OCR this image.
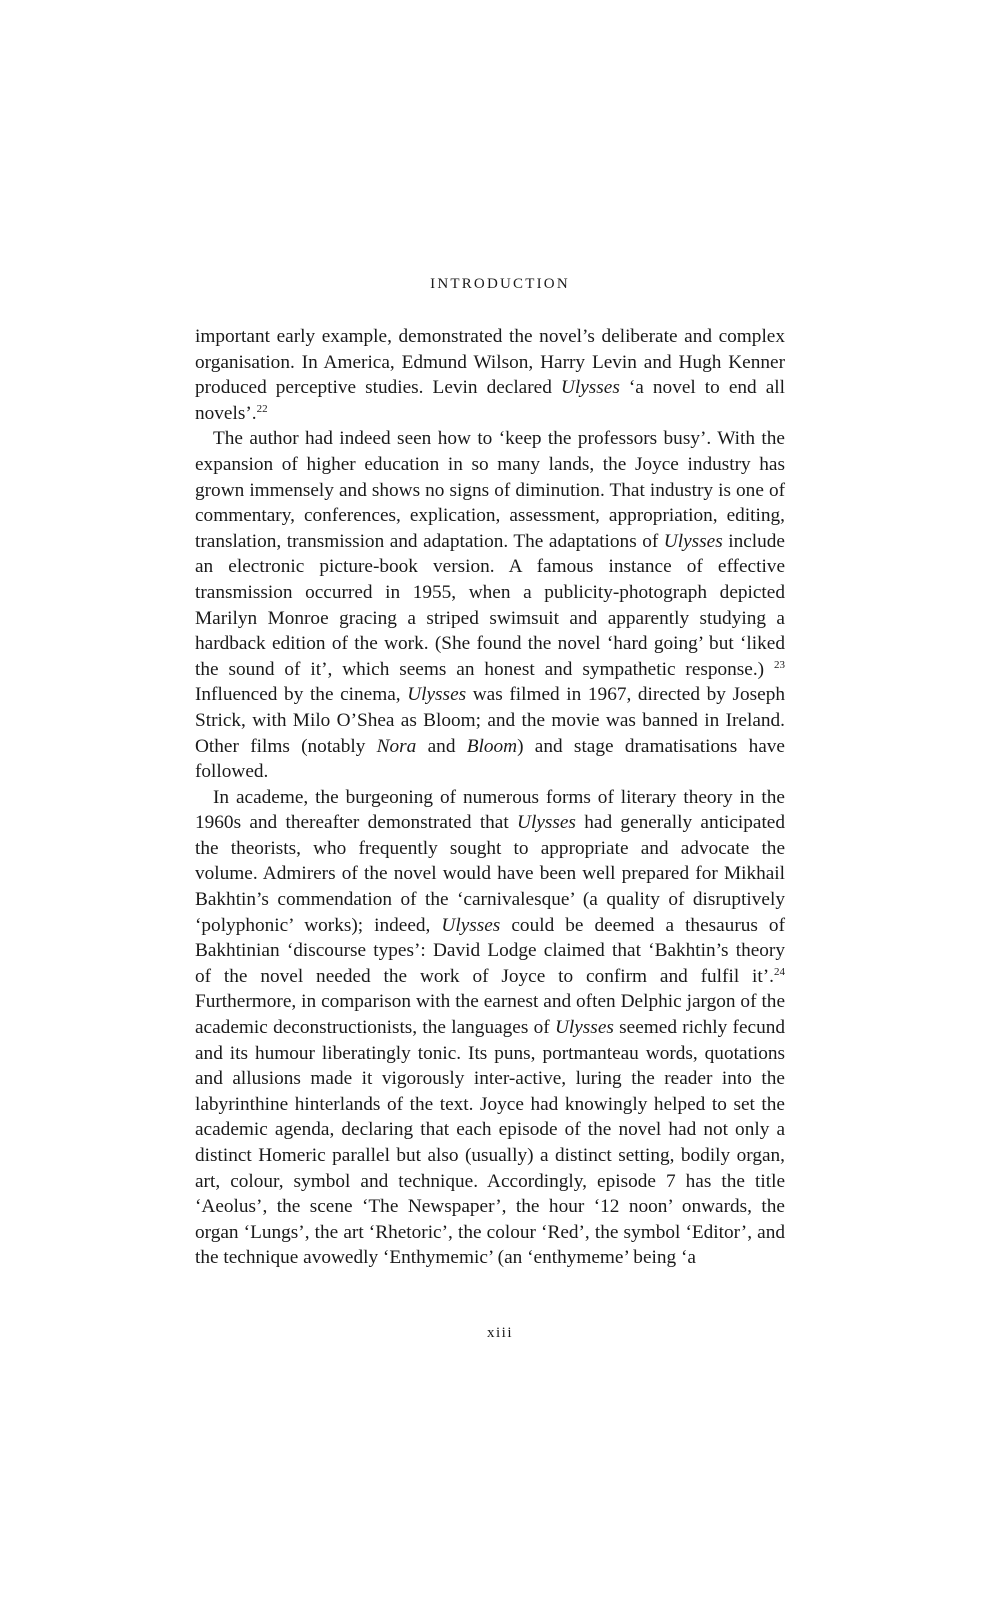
INTRODUCTION

important early example, demonstrated the novel’s deliberate and complex organisation. In America, Edmund Wilson, Harry Levin and Hugh Kenner produced perceptive studies. Levin declared Ulysses ‘a novel to end all novels’.$^{22}$

The author had indeed seen how to ‘keep the professors busy’. With the expansion of higher education in so many lands, the Joyce industry has grown immensely and shows no signs of diminution. That industry is one of commentary, conferences, explication, assessment, appropriation, editing, translation, transmission and adaptation. The adaptations of Ulysses include an electronic picture-book version. A famous instance of effective transmission occurred in 1955, when a publicity-photograph depicted Marilyn Monroe gracing a striped swimsuit and apparently studying a hardback edition of the work. (She found the novel ‘hard going’ but ‘liked the sound of it’, which seems an honest and sympathetic response.) $^{23}$ Influenced by the cinema, Ulysses was filmed in 1967, directed by Joseph Strick, with Milo O’Shea as Bloom; and the movie was banned in Ireland. Other films (notably Nora and Bloom) and stage dramatisations have followed.

In academe, the burgeoning of numerous forms of literary theory in the 1960s and thereafter demonstrated that Ulysses had generally anticipated the theorists, who frequently sought to appropriate and advocate the volume. Admirers of the novel would have been well prepared for Mikhail Bakhtin’s commendation of the ‘carnivalesque’ (a quality of disruptively ‘polyphonic’ works); indeed, Ulysses could be deemed a thesaurus of Bakhtinian ‘discourse types’: David Lodge claimed that ‘Bakhtin’s theory of the novel needed the work of Joyce to confirm and fulfil it’.$^{24}$ Furthermore, in comparison with the earnest and often Delphic jargon of the academic deconstructionists, the languages of Ulysses seemed richly fecund and its humour liberatingly tonic. Its puns, portmanteau words, quotations and allusions made it vigorously inter-active, luring the reader into the labyrinthine hinterlands of the text. Joyce had knowingly helped to set the academic agenda, declaring that each episode of the novel had not only a distinct Homeric parallel but also (usually) a distinct setting, bodily organ, art, colour, symbol and technique. Accordingly, episode 7 has the title ‘Aeolus’, the scene ‘The Newspaper’, the hour ‘12 noon’ onwards, the organ ‘Lungs’, the art ‘Rhetoric’, the colour ‘Red’, the symbol ‘Editor’, and the technique avowedly ‘Enthymemic’ (an ‘enthymeme’ being ‘a

xiii
